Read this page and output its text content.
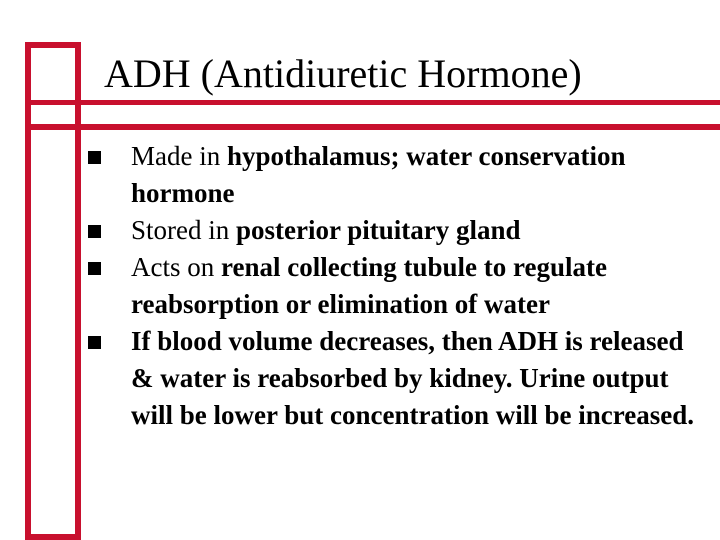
ADH (Antidiuretic Hormone)
Made in hypothalamus; water conservation hormone
Stored in posterior pituitary gland
Acts on renal collecting tubule to regulate reabsorption or elimination of water
If blood volume decreases, then ADH is released & water is reabsorbed by kidney. Urine output will be lower but concentration will be increased.
